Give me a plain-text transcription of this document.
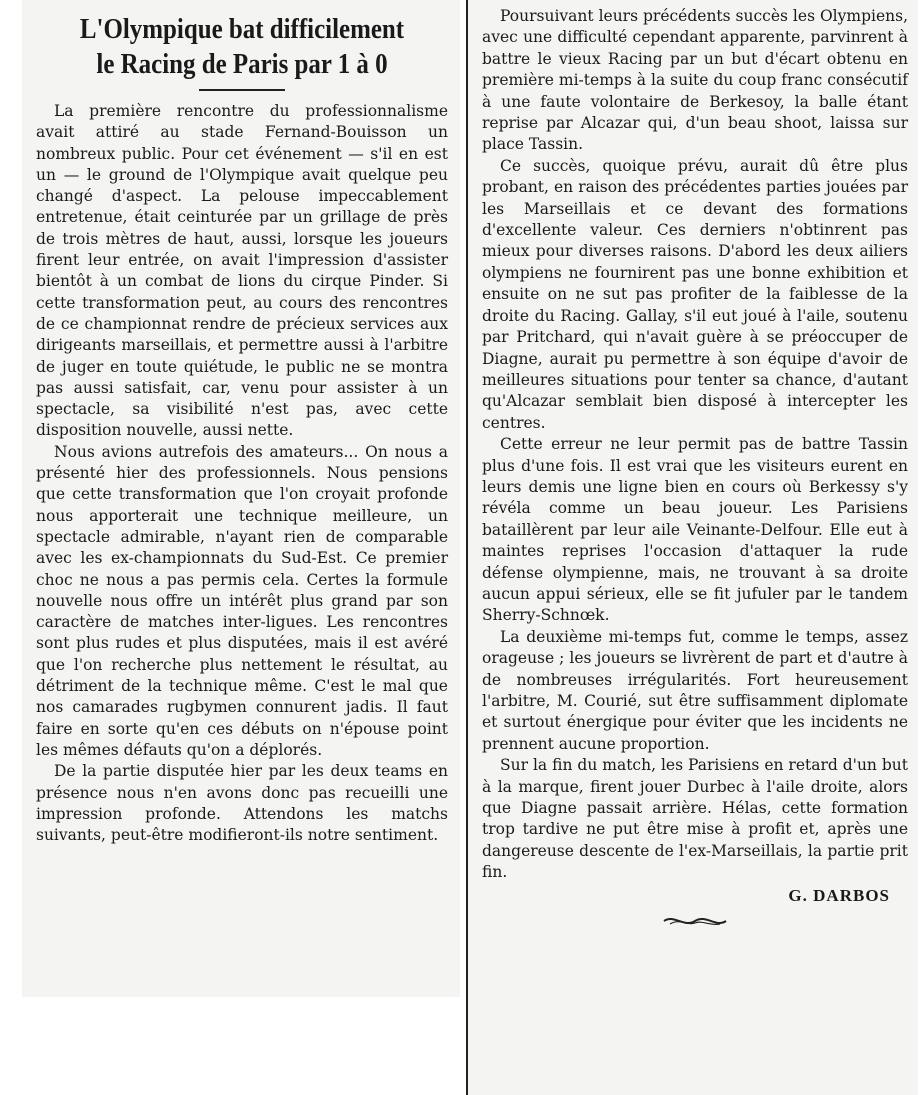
L'Olympique bat difficilement
le Racing de Paris par 1 à 0

La première rencontre du professionnalisme avait attiré au stade Fernand-Bouisson un nombreux public. Pour cet événement — s'il en est un — le ground de l'Olympique avait quelque peu changé d'aspect. La pelouse impeccablement entretenue, était ceinturée par un grillage de près de trois mètres de haut, aussi, lorsque les joueurs firent leur entrée, on avait l'impression d'assister bientôt à un combat de lions du cirque Pinder. Si cette transformation peut, au cours des rencontres de ce championnat rendre de précieux services aux dirigeants marseillais, et permettre aussi à l'arbitre de juger en toute quiétude, le public ne se montra pas aussi satisfait, car, venu pour assister à un spectacle, sa visibilité n'est pas, avec cette disposition nouvelle, aussi nette.

Nous avions autrefois des amateurs... On nous a présenté hier des professionnels. Nous pensions que cette transformation que l'on croyait profonde nous apporterait une technique meilleure, un spectacle admirable, n'ayant rien de comparable avec les ex-championnats du Sud-Est. Ce premier choc ne nous a pas permis cela. Certes la formule nouvelle nous offre un intérêt plus grand par son caractère de matches inter-ligues. Les rencontres sont plus rudes et plus disputées, mais il est avéré que l'on recherche plus nettement le résultat, au détriment de la technique même. C'est le mal que nos camarades rugbymen connurent jadis. Il faut faire en sorte qu'en ces débuts on n'épouse point les mêmes défauts qu'on a déplorés.

De la partie disputée hier par les deux teams en présence nous n'en avons donc pas recueilli une impression profonde. Attendons les matchs suivants, peut-être modifieront-ils notre sentiment.

Poursuivant leurs précédents succès les Olympiens, avec une difficulté cependant apparente, parvinrent à battre le vieux Racing par un but d'écart obtenu en première mi-temps à la suite du coup franc consécutif à une faute volontaire de Berkesoy, la balle étant reprise par Alcazar qui, d'un beau shoot, laissa sur place Tassin.

Ce succès, quoique prévu, aurait dû être plus probant, en raison des précédentes parties jouées par les Marseillais et ce devant des formations d'excellente valeur. Ces derniers n'obtinrent pas mieux pour diverses raisons. D'abord les deux ailiers olympiens ne fournirent pas une bonne exhibition et ensuite on ne sut pas profiter de la faiblesse de la droite du Racing. Gallay, s'il eut joué à l'aile, soutenu par Pritchard, qui n'avait guère à se préoccuper de Diagne, aurait pu permettre à son équipe d'avoir de meilleures situations pour tenter sa chance, d'autant qu'Alcazar semblait bien disposé à intercepter les centres.

Cette erreur ne leur permit pas de battre Tassin plus d'une fois. Il est vrai que les visiteurs eurent en leurs demis une ligne bien en cours où Berkessy s'y révéla comme un beau joueur. Les Parisiens bataillèrent par leur aile Veinante-Delfour. Elle eut à maintes reprises l'occasion d'attaquer la rude défense olympienne, mais, ne trouvant à sa droite aucun appui sérieux, elle se fit jufuler par le tandem Sherry-Schnœk.

La deuxième mi-temps fut, comme le temps, assez orageuse ; les joueurs se livrèrent de part et d'autre à de nombreuses irrégularités. Fort heureusement l'arbitre, M. Courié, sut être suffisamment diplomate et surtout énergique pour éviter que les incidents ne prennent aucune proportion.

Sur la fin du match, les Parisiens en retard d'un but à la marque, firent jouer Durbec à l'aile droite, alors que Diagne passait arrière. Hélas, cette formation trop tardive ne put être mise à profit et, après une dangereuse descente de l'ex-Marseillais, la partie prit fin.

G. DARBOS
